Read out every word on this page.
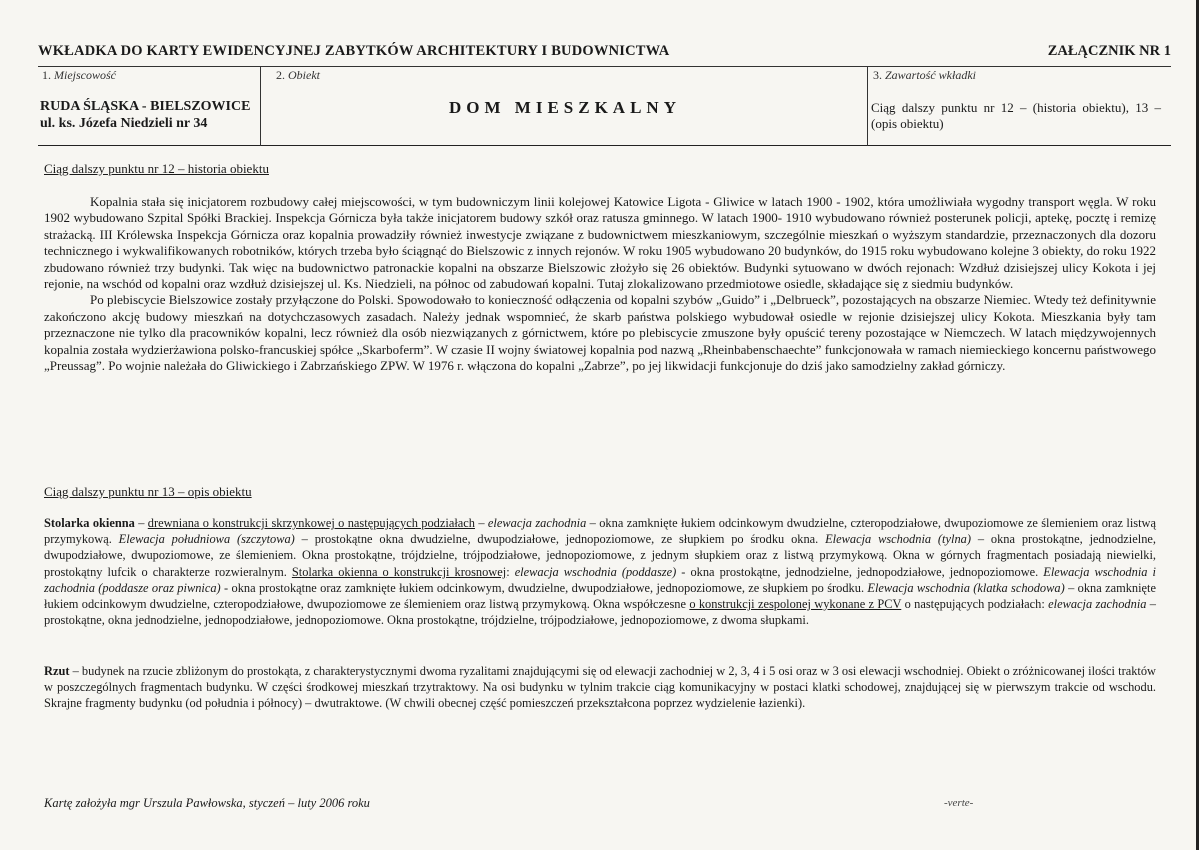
WKŁADKA DO KARTY EWIDENCYJNEJ ZABYTKÓW ARCHITEKTURY I BUDOWNICTWA	ZAŁĄCZNIK NR 1
1. Miejscowość	2. Obiekt	3. Zawartość wkładki
RUDA ŚLĄSKA - BIELSZOWICE
ul. ks. Józefa Niedzieli nr 34
DOM MIESZKALNY	Ciąg dalszy punktu nr 12 – (historia obiektu), 13 – (opis obiektu)
Ciąg dalszy punktu nr 12 – historia obiektu

Kopalnia stała się inicjatorem rozbudowy całej miejscowości, w tym budowniczym linii kolejowej Katowice Ligota - Gliwice w latach 1900 - 1902, która umożliwiała wygodny transport węgla. W roku 1902 wybudowano Szpital Spółki Brackiej. Inspekcja Górnicza była także inicjatorem budowy szkół oraz ratusza gminnego. W latach 1900- 1910 wybudowano również posterunek policji, aptekę, pocztę i remizę strażacką. III Królewska Inspekcja Górnicza oraz kopalnia prowadziły również inwestycje związane z budownictwem mieszkaniowym, szczególnie mieszkań o wyższym standardzie, przeznaczonych dla dozoru technicznego i wykwalifikowanych robotników, których trzeba było ściągnąć do Bielszowic z innych rejonów. W roku 1905 wybudowano 20 budynków, do 1915 roku wybudowano kolejne 3 obiekty, do roku 1922 zbudowano również trzy budynki. Tak więc na budownictwo patronackie kopalni na obszarze Bielszowic złożyło się 26 obiektów. Budynki sytuowano w dwóch rejonach: Wzdłuż dzisiejszej ulicy Kokota i jej rejonie, na wschód od kopalni oraz wzdłuż dzisiejszej ul. Ks. Niedzieli, na północ od zabudowań kopalni. Tutaj zlokalizowano przedmiotowe osiedle, składające się z siedmiu budynków.

Po plebiscycie Bielszowice zostały przyłączone do Polski. Spowodowało to konieczność odłączenia od kopalni szybów „Guido” i „Delbrueck”, pozostających na obszarze Niemiec. Wtedy też definitywnie zakończono akcję budowy mieszkań na dotychczasowych zasadach. Należy jednak wspomnieć, że skarb państwa polskiego wybudował osiedle w rejonie dzisiejszej ulicy Kokota. Mieszkania były tam przeznaczone nie tylko dla pracowników kopalni, lecz również dla osób niezwiązanych z górnictwem, które po plebiscycie zmuszone były opuścić tereny pozostające w Niemczech. W latach międzywojennych kopalnia została wydzierżawiona polsko-francuskiej spółce „Skarboferm”. W czasie II wojny światowej kopalnia pod nazwą „Rheinbabenschaechte” funkcjonowała w ramach niemieckiego koncernu państwowego „Preussag”. Po wojnie należała do Gliwickiego i Zabrzańskiego ZPW. W 1976 r. włączona do kopalni „Zabrze”, po jej likwidacji funkcjonuje do dziś jako samodzielny zakład górniczy.

Ciąg dalszy punktu nr 13 – opis obiektu

Stolarka okienna – drewniana o konstrukcji skrzynkowej o następujących podziałach – elewacja zachodnia – okna zamknięte łukiem odcinkowym dwudzielne, czteropodziałowe, dwupoziomowe ze ślemieniem oraz listwą przymykową. Elewacja południowa (szczytowa) – prostokątne okna dwudzielne, dwupodziałowe, jednopoziomowe, ze słupkiem po środku okna. Elewacja wschodnia (tylna) – okna prostokątne, jednodzielne, dwupodziałowe, dwupoziomowe, ze ślemieniem. Okna prostokątne, trójdzielne, trójpodziałowe, jednopoziomowe, z jednym słupkiem oraz z listwą przymykową. Okna w górnych fragmentach posiadają niewielki, prostokątny lufcik o charakterze rozwieralnym. Stolarka okienna o konstrukcji krosnowej: elewacja wschodnia (poddasze) - okna prostokątne, jednodzielne, jednopodziałowe, jednopoziomowe. Elewacja wschodnia i zachodnia (poddasze oraz piwnica) - okna prostokątne oraz zamknięte łukiem odcinkowym, dwudzielne, dwupodziałowe, jednopoziomowe, ze słupkiem po środku. Elewacja wschodnia (klatka schodowa) – okna zamknięte łukiem odcinkowym dwudzielne, czteropodziałowe, dwupoziomowe ze ślemieniem oraz listwą przymykową. Okna współczesne o konstrukcji zespolonej wykonane z PCV o następujących podziałach: elewacja zachodnia – prostokątne, okna jednodzielne, jednopodziałowe, jednopoziomowe. Okna prostokątne, trójdzielne, trójpodziałowe, jednopoziomowe, z dwoma słupkami.

Rzut – budynek na rzucie zbliżonym do prostokąta, z charakterystycznymi dwoma ryzalitami znajdującymi się od elewacji zachodniej w 2, 3, 4 i 5 osi oraz w 3 osi elewacji wschodniej. Obiekt o zróżnicowanej ilości traktów w poszczególnych fragmentach budynku. W części środkowej mieszkań trzytraktowy. Na osi budynku w tylnim trakcie ciąg komunikacyjny w postaci klatki schodowej, znajdującej się w pierwszym trakcie od wschodu. Skrajne fragmenty budynku (od południa i północy) – dwutraktowe. (W chwili obecnej część pomieszczeń przekształcona poprzez wydzielenie łazienki).

Kartę założyła mgr Urszula Pawłowska, styczeń – luty 2006 roku	-verte-
